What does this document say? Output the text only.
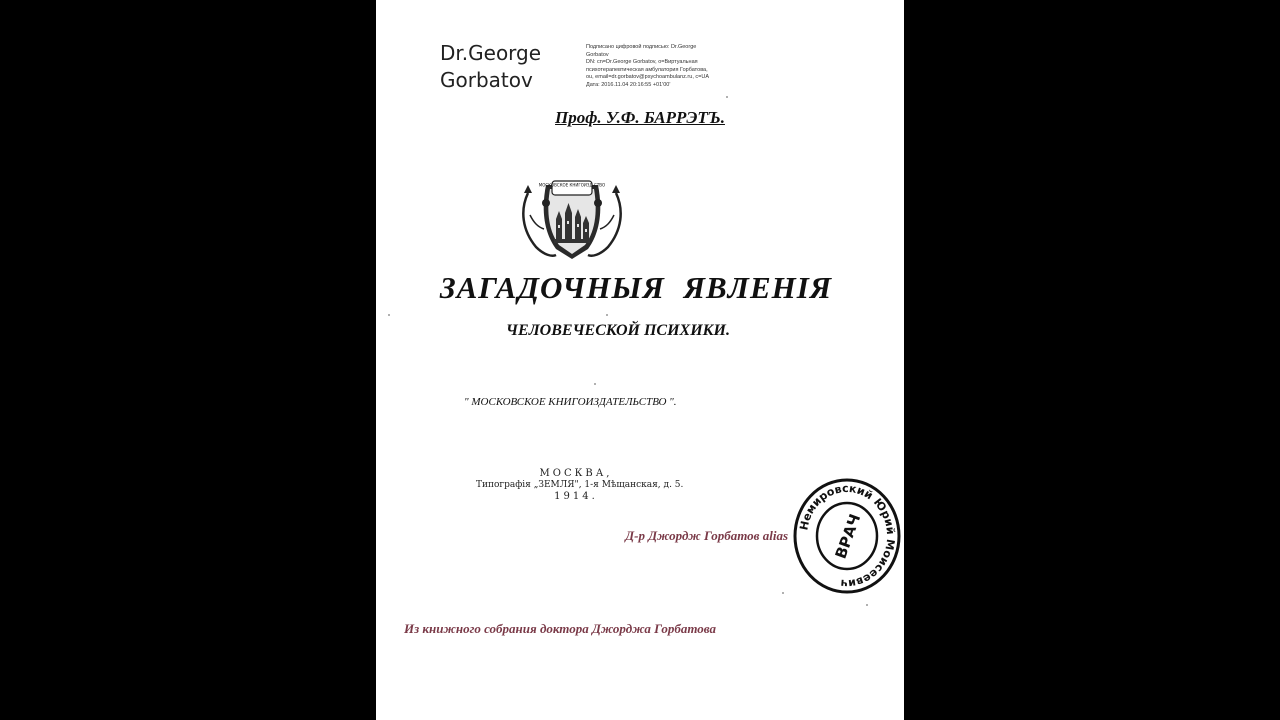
Dr.George
Gorbatov
Подписано цифровой подписью: Dr.George
Gorbatov
DN: cn=Dr.George Gorbatov, o=Виртуальная
психотерапевтическая амбулатория Горбатова,
ou, email=dr.gorbatov@psychoambulanz.ru, c=UA
Дата: 2016.11.04 20:16:55 +01'00'
Проф. У.Ф. БАРРЭТЪ.
МОСКОВСКОЕ КНИГОИЗД-СТВО
ЗАГАДОЧНЫЯ ЯВЛЕНІЯ
ЧЕЛОВЕЧЕСКОЙ ПСИХИКИ.
" МОСКОВСКОЕ КНИГОИЗДАТЕЛЬСТВО ".
МОСКВА,
Типографія „ЗЕМЛЯ", 1-я Мѣщанская, д. 5.
1914.
Д-р Джордж Горбатов alias
Из книжного собрания доктора Джорджа Горбатова
Немировский Юрий Моисеевич
ВРАЧ
